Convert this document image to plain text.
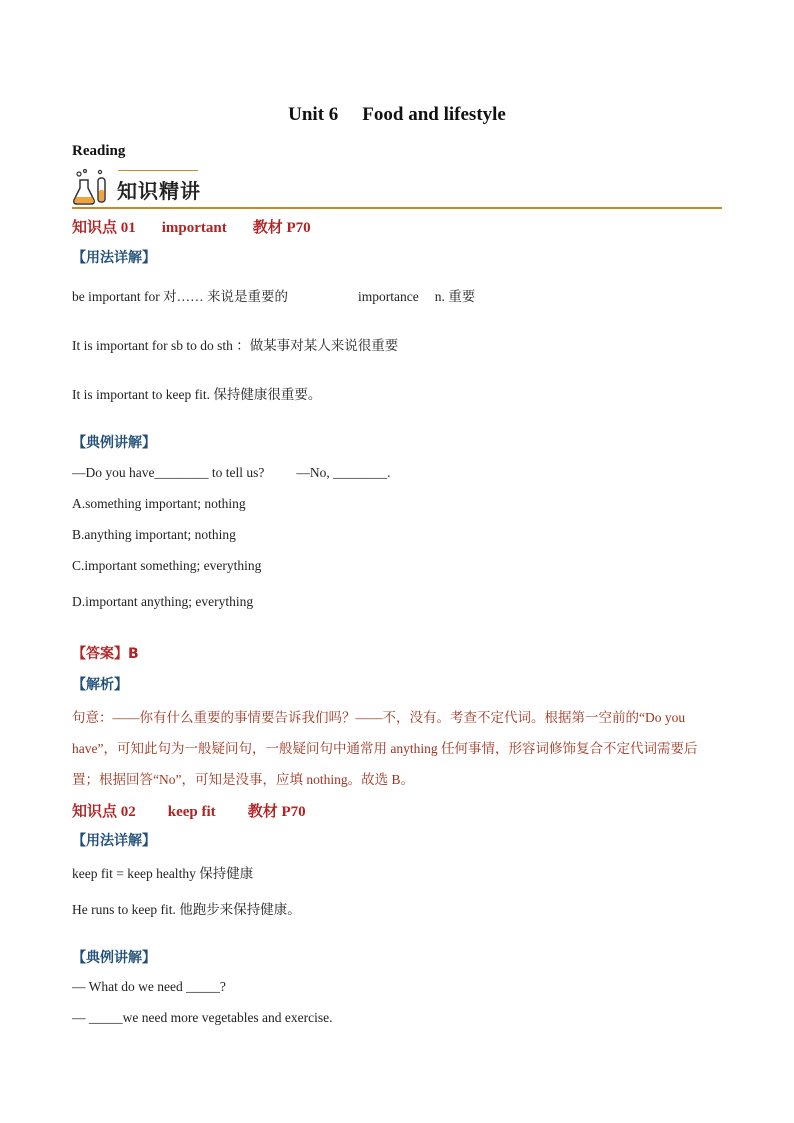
Unit 6 Food and lifestyle
Reading
知识精讲
知识点 01 important 教材 P70
【用法详解】
be important for 对…… 来说是重要的	importance n. 重要
It is important for sb to do sth ：做某事对某人来说很重要
It is important to keep fit. 保持健康很重要。
【典例讲解】
—Do you have________ to tell us? —No, ________.
A.something important; nothing
B.anything important; nothing
C.important something; everything
D.important anything; everything
【答案】B
【解析】
句意：——你有什么重要的事情要告诉我们吗？——不，没有。考查不定代词。根据第一空前的“Do you
have”，可知此句为一般疑问句，一般疑问句中通常用 anything 任何事情，形容词修饰复合不定代词需要后
置；根据回答“No”，可知是没事，应填 nothing。故选 B。
知识点 02 keep fit 教材 P70
【用法详解】
keep fit = keep healthy 保持健康
He runs to keep fit. 他跑步来保持健康。
【典例讲解】
— What do we need _____?
— _____we need more vegetables and exercise.
